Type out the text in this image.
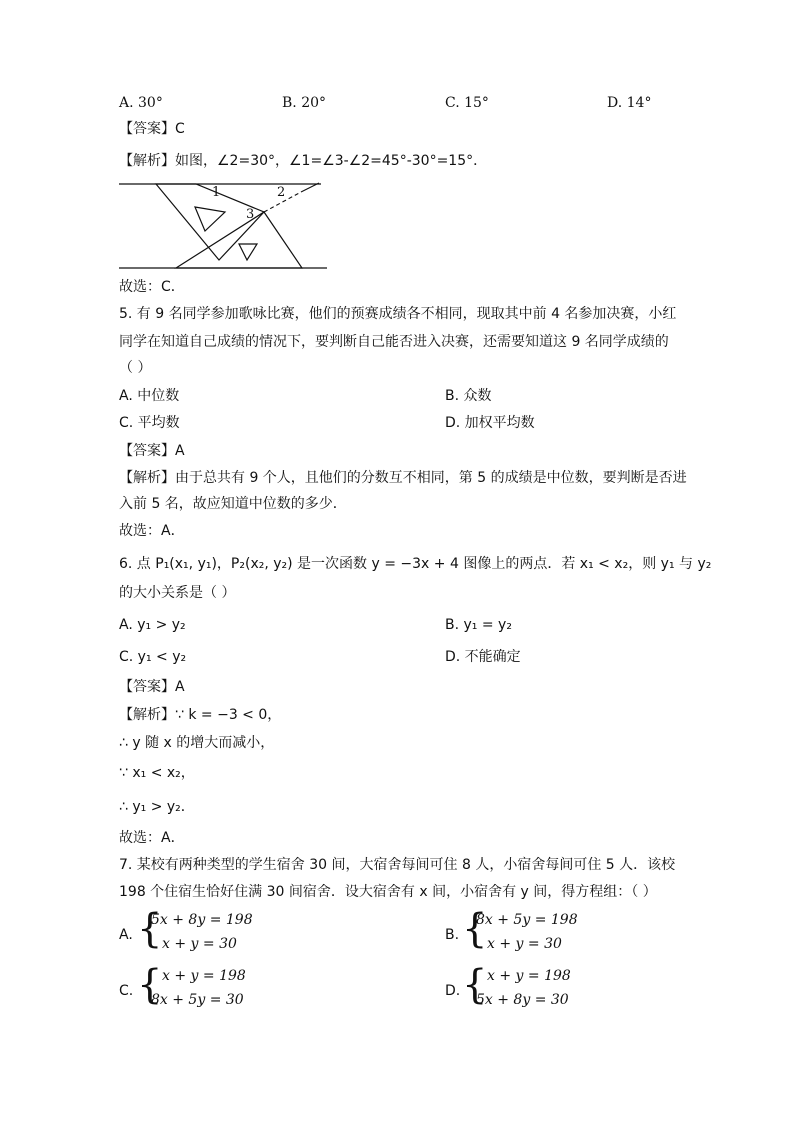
A. 30°	B. 20°	C. 15°	D. 14°
【答案】C
【解析】如图，∠2=30°，∠1=∠3-∠2=45°-30°=15°．
1	2
3
故选：C．
5. 有 9 名同学参加歌咏比赛，他们的预赛成绩各不相同，现取其中前 4 名参加决赛，小红
同学在知道自己成绩的情况下，要判断自己能否进入决赛，还需要知道这 9 名同学成绩的
（ ）
A. 中位数	B. 众数
C. 平均数	D. 加权平均数
【答案】A
【解析】由于总共有 9 个人，且他们的分数互不相同，第 5 的成绩是中位数，要判断是否进
入前 5 名，故应知道中位数的多少．
故选：A．
6. 点 P₁(x₁, y₁)，P₂(x₂, y₂) 是一次函数 y = −3x + 4 图像上的两点．若 x₁ < x₂，则 y₁ 与 y₂
的大小关系是（ ）
A. y₁ > y₂	B. y₁ = y₂
C. y₁ < y₂	D. 不能确定
【答案】A
【解析】∵ k = −3 < 0，
∴ y 随 x 的增大而减小，
∵ x₁ < x₂，
∴ y₁ > y₂．
故选：A．
7. 某校有两种类型的学生宿舍 30 间，大宿舍每间可住 8 人，小宿舍每间可住 5 人．该校
198 个住宿生恰好住满 30 间宿舍．设大宿舍有 x 间，小宿舍有 y 间，得方程组：（ ）
A. {
5x + 8y = 198
x + y = 30
B. {
8x + 5y = 198
x + y = 30
C. { x + y = 198
8x + 5y = 30
D. { x + y = 198
5x + 8y = 30
